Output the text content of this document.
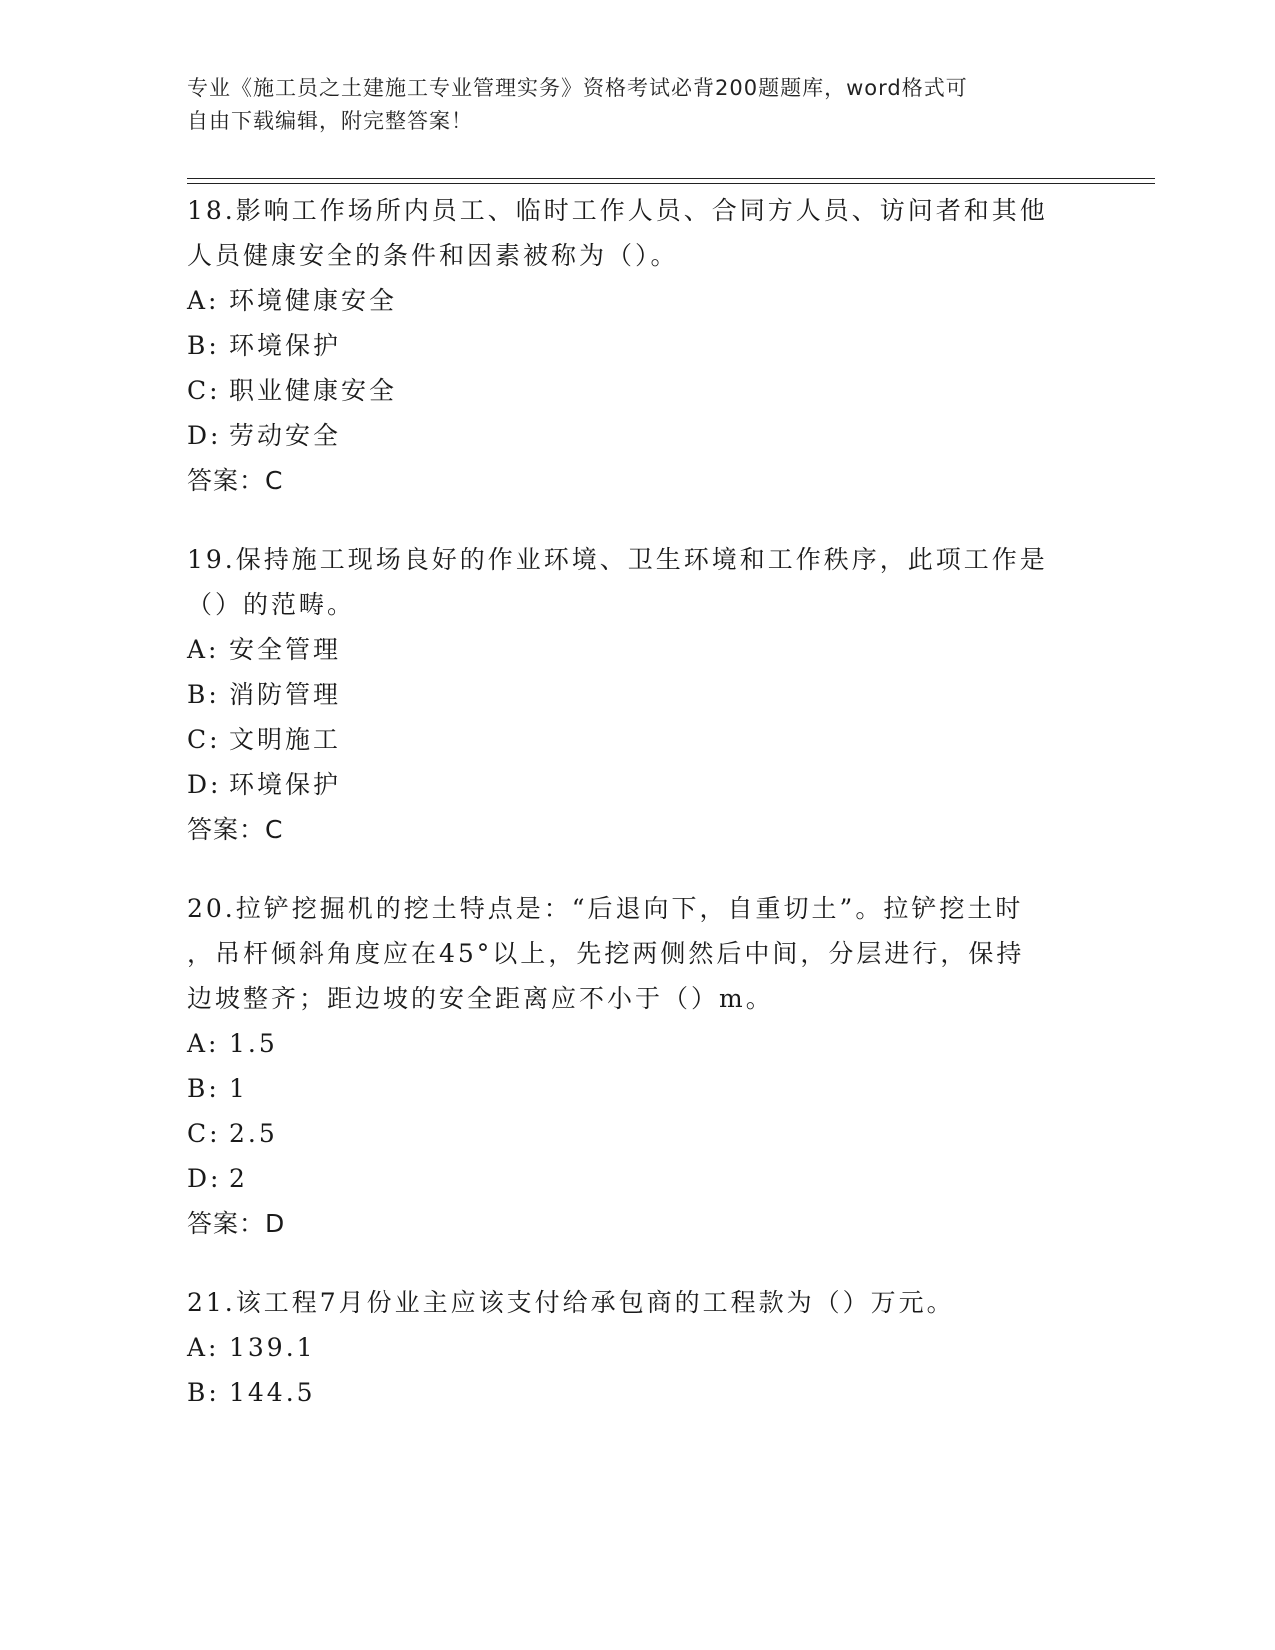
专业《施工员之土建施工专业管理实务》资格考试必背200题题库，word格式可
自由下载编辑，附完整答案！

18.影响工作场所内员工、临时工作人员、合同方人员、访问者和其他

人员健康安全的条件和因素被称为（）。

A: 环境健康安全

B: 环境保护

C: 职业健康安全

D: 劳动安全

答案：C

19.保持施工现场良好的作业环境、卫生环境和工作秩序，此项工作是

（）的范畴。

A: 安全管理

B: 消防管理

C: 文明施工

D: 环境保护

答案：C

20.拉铲挖掘机的挖土特点是：“后退向下，自重切土”。拉铲挖土时

，吊杆倾斜角度应在45°以上，先挖两侧然后中间，分层进行，保持

边坡整齐；距边坡的安全距离应不小于（）m。

A: 1.5

B: 1

C: 2.5

D: 2

答案：D

21.该工程7月份业主应该支付给承包商的工程款为（）万元。

A: 139.1

B: 144.5
